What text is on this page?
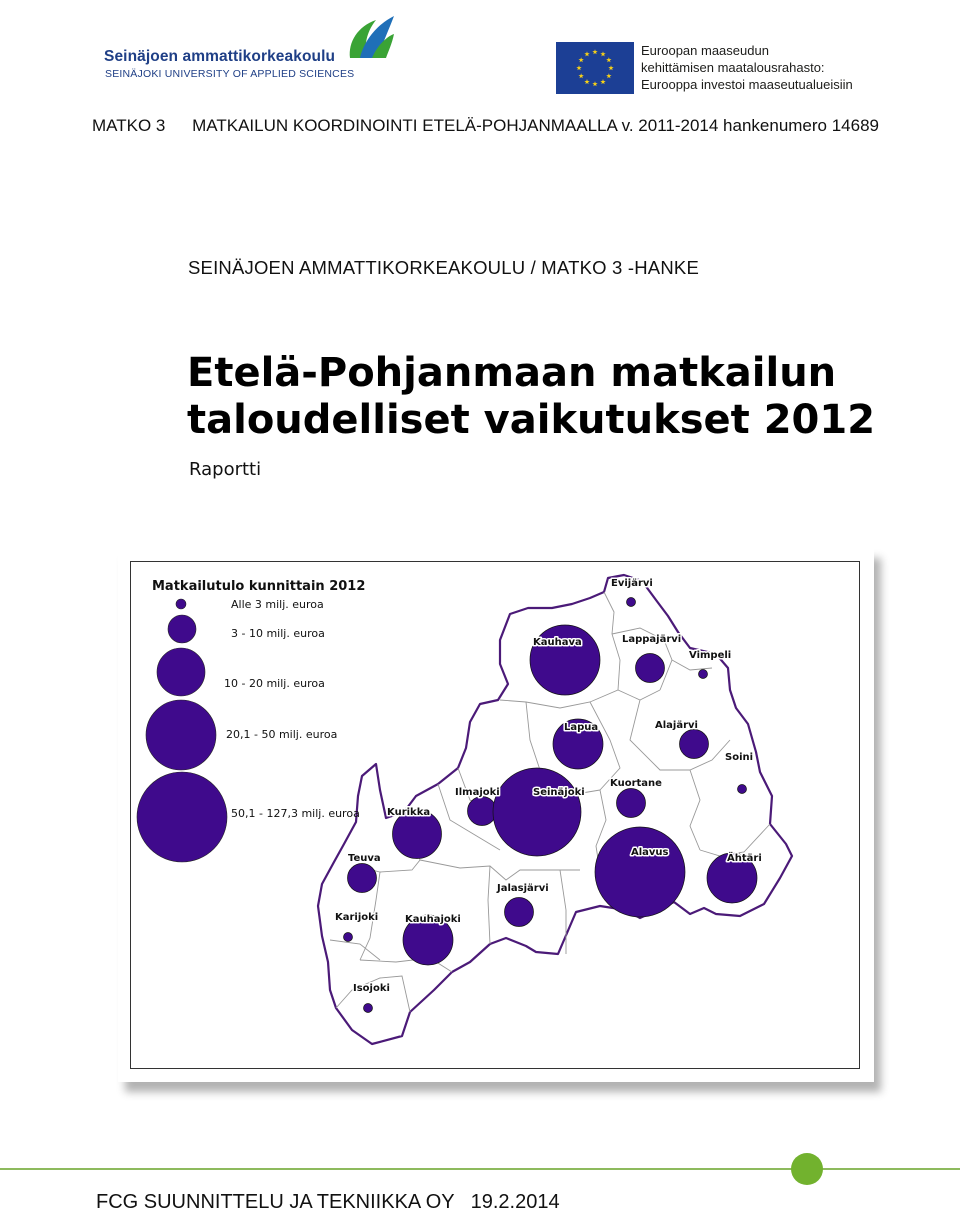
Seinäjoen ammattikorkeakoulu
SEINÄJOKI UNIVERSITY OF APPLIED SCIENCES
Euroopan maaseudun
kehittämisen maatalousrahasto:
Eurooppa investoi maaseutualueisiin
MATKO 3 MATKAILUN KOORDINOINTI ETELÄ-POHJANMAALLA v. 2011-2014 hankenumero 14689
SEINÄJOEN AMMATTIKORKEAKOULU / MATKO 3 -HANKE
Etelä-Pohjanmaan matkailun
taloudelliset vaikutukset 2012
Raportti
Matkailutulo kunnittain 2012
Alle 3 milj. euroa
3 - 10 milj. euroa
10 - 20 milj. euroa
20,1 - 50 milj. euroa
50,1 - 127,3 milj. euroa
Evijärvi
Kauhava	Lappajärvi
Vimpeli
Lapua	Alajärvi
Soini
Ilmajoki	Seinäjoki
Kuortane
Kurikka
Teuva
Alavus
Ähtäri
Jalasjärvi
Karijoki	Kauhajoki
Isojoki
FCG SUUNNITTELU JA TEKNIIKKA OY 19.2.2014
